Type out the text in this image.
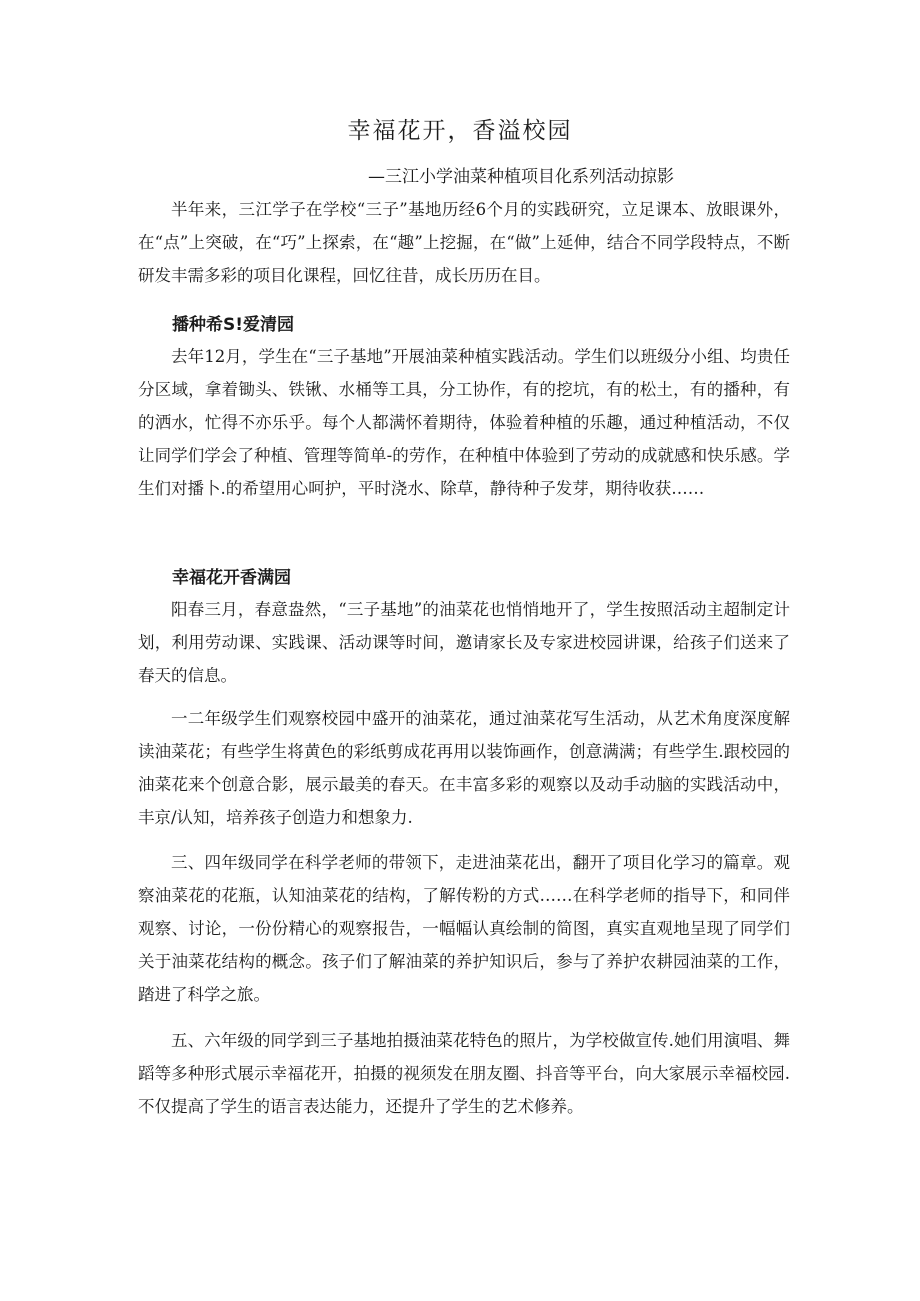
幸福花开，香溢校园

—三江小学油菜种植项目化系列活动掠影

半年来，三江学子在学校“三子”基地历经6个月的实践研究，立足课本、放眼课外，在“点”上突破，在“巧”上探索，在“趣”上挖掘，在“做”上延伸，结合不同学段特点，不断研发丰需多彩的项目化课程，回忆往昔，成长历历在目。

播种希S!爱清园

去年12月，学生在“三子基地”开展油菜种植实践活动。学生们以班级分小组、均贵任分区域，拿着锄头、铁锹、水桶等工具，分工协作，有的挖坑，有的松土，有的播种，有的洒水，忙得不亦乐乎。每个人都满怀着期待，体验着种植的乐趣，通过种植活动，不仅让同学们学会了种植、管理等简单-的劳作，在种植中体验到了劳动的成就感和快乐感。学生们对播卜.的希望用心呵护，平时浇水、除草，静待种子发芽，期待收获……

幸福花开香满园

阳春三月，春意盎然，“三子基地”的油菜花也悄悄地开了，学生按照活动主超制定计划，利用劳动课、实践课、活动课等时间，邀请家长及专家进校园讲课，给孩子们送来了春天的信息。

一二年级学生们观察校园中盛开的油菜花，通过油菜花写生活动，从艺术角度深度解读油菜花；有些学生将黄色的彩纸剪成花再用以装饰画作，创意满满；有些学生.跟校园的油菜花来个创意合影，展示最美的春天。在丰富多彩的观察以及动手动脑的实践活动中，丰京/认知，培养孩子创造力和想象力.

三、四年级同学在科学老师的带领下，走进油菜花出，翻开了项目化学习的篇章。观察油菜花的花瓶，认知油菜花的结构，了解传粉的方式……在科学老师的指导下，和同伴观察、讨论，一份份精心的观察报告，一幅幅认真绘制的简图，真实直观地呈现了同学们关于油菜花结构的概念。孩子们了解油菜的养护知识后，参与了养护农耕园油菜的工作，踏进了科学之旅。

五、六年级的同学到三子基地拍摄油菜花特色的照片，为学校做宣传.她们用演唱、舞蹈等多种形式展示幸福花开，拍摄的视须发在朋友圈、抖音等平台，向大家展示幸福校园.不仅提高了学生的语言表达能力，还提升了学生的艺术修养。
